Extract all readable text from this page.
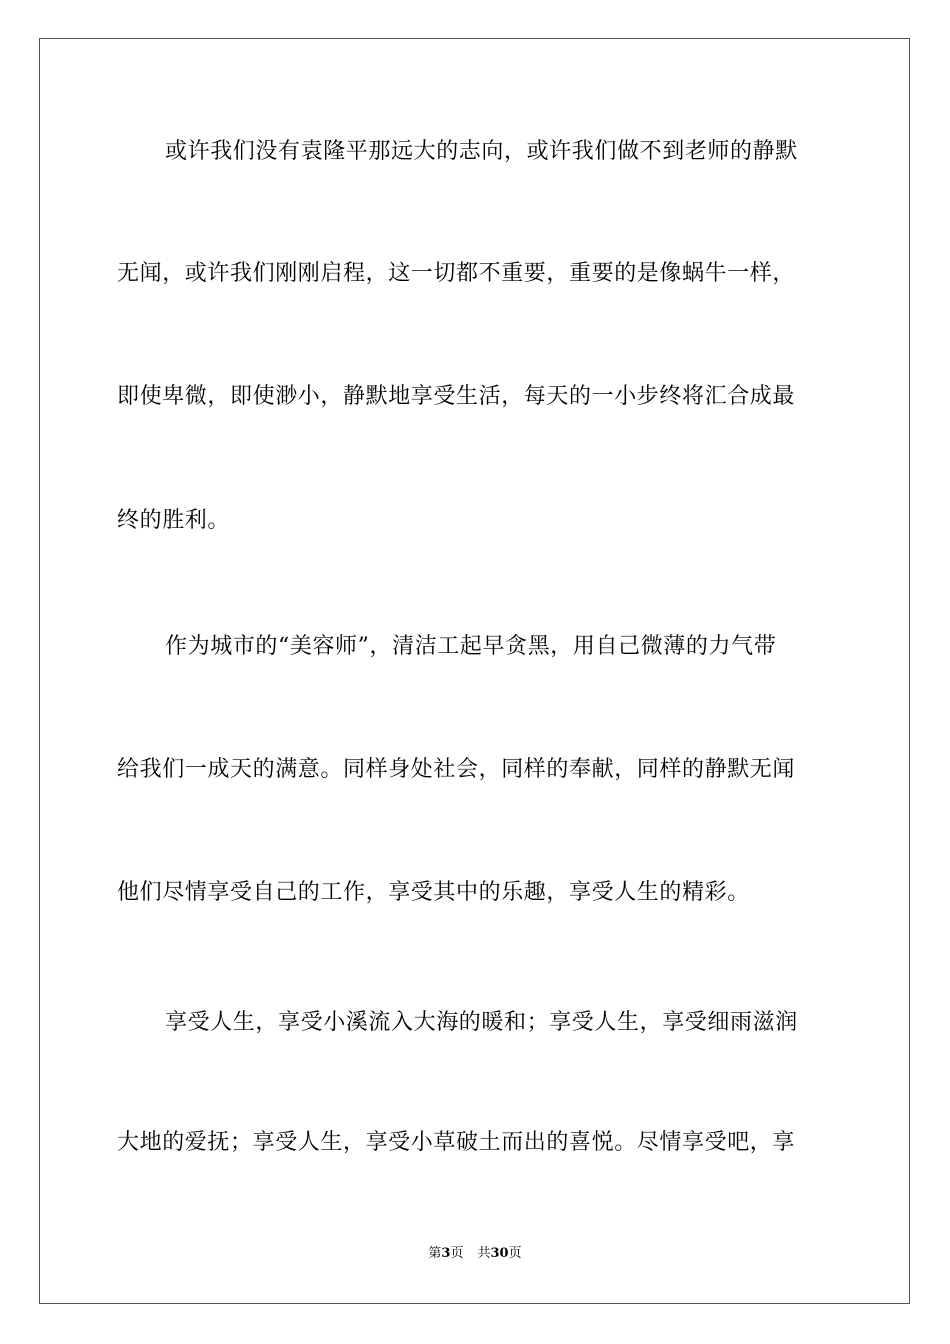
或许我们没有袁隆平那远大的志向，或许我们做不到老师的静默
无闻，或许我们刚刚启程，这一切都不重要，重要的是像蜗牛一样，
即使卑微，即使渺小，静默地享受生活，每天的一小步终将汇合成最
终的胜利。
作为城市的“美容师”，清洁工起早贪黑，用自己微薄的力气带
给我们一成天的满意。同样身处社会，同样的奉献，同样的静默无闻
他们尽情享受自己的工作，享受其中的乐趣，享受人生的精彩。
享受人生，享受小溪流入大海的暖和；享受人生，享受细雨滋润
大地的爱抚；享受人生，享受小草破土而出的喜悦。尽情享受吧，享
第3页 共30页
